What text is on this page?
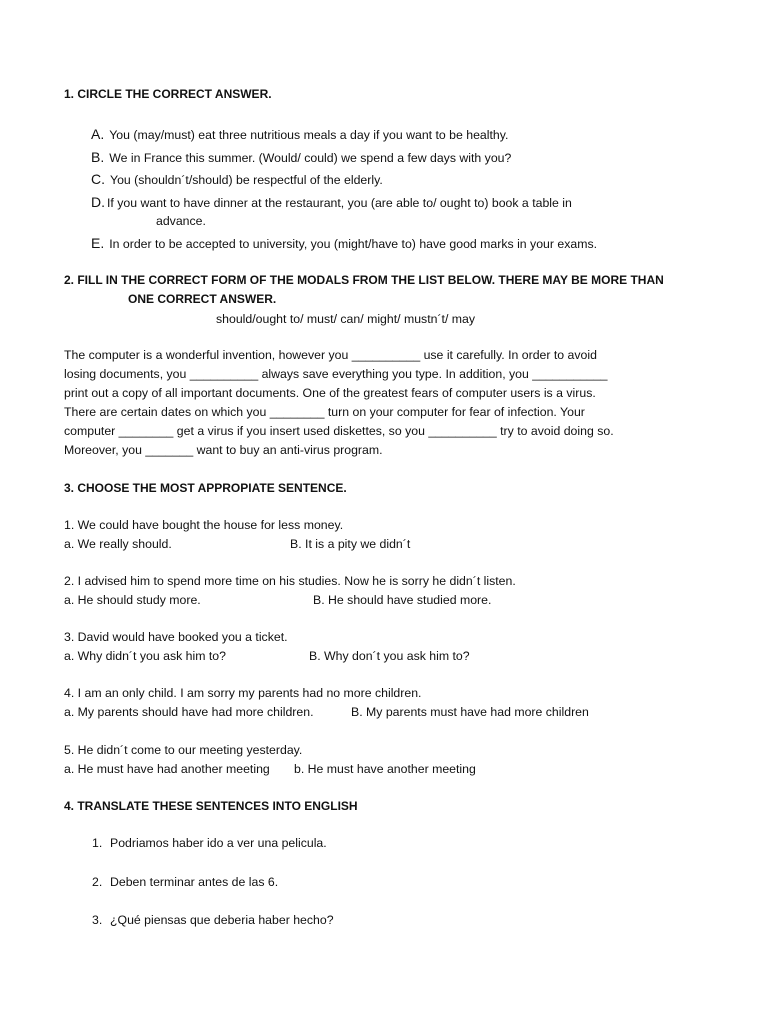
1. CIRCLE THE CORRECT ANSWER.
A. You (may/must) eat three nutritious meals a day if you want to be healthy.
B. We in France this summer. (Would/ could) we spend a few days with you?
C. You (shouldn´t/should) be respectful of the elderly.
D. If you want to have dinner at the restaurant, you (are able to/ ought to) book a table in
advance.
E. In order to be accepted to university, you (might/have to) have good marks in your exams.
2. FILL IN THE CORRECT FORM OF THE MODALS FROM THE LIST BELOW. THERE MAY BE MORE THAN
ONE CORRECT ANSWER.
should/ought to/ must/ can/ might/ mustn´t/ may
The computer is a wonderful invention, however you __________ use it carefully. In order to avoid
losing documents, you __________ always save everything you type. In addition, you ___________
print out a copy of all important documents. One of the greatest fears of computer users is a virus.
There are certain dates on which you ________ turn on your computer for fear of infection. Your
computer ________ get a virus if you insert used diskettes, so you __________ try to avoid doing so.
Moreover, you _______ want to buy an anti-virus program.
3. CHOOSE THE MOST APPROPIATE SENTENCE.
1. We could have bought the house for less money.
a. We really should.	B. It is a pity we didn´t
2. I advised him to spend more time on his studies. Now he is sorry he didn´t listen.
a. He should study more.	B. He should have studied more.
3. David would have booked you a ticket.
a. Why didn´t you ask him to?	B. Why don´t you ask him to?
4. I am an only child. I am sorry my parents had no more children.
a. My parents should have had more children.	B. My parents must have had more children
5. He didn´t come to our meeting yesterday.
a. He must have had another meeting b. He must have another meeting
4. TRANSLATE THESE SENTENCES INTO ENGLISH
1. Podriamos haber ido a ver una pelicula.
2. Deben terminar antes de las 6.
3. ¿Qué piensas que deberia haber hecho?
